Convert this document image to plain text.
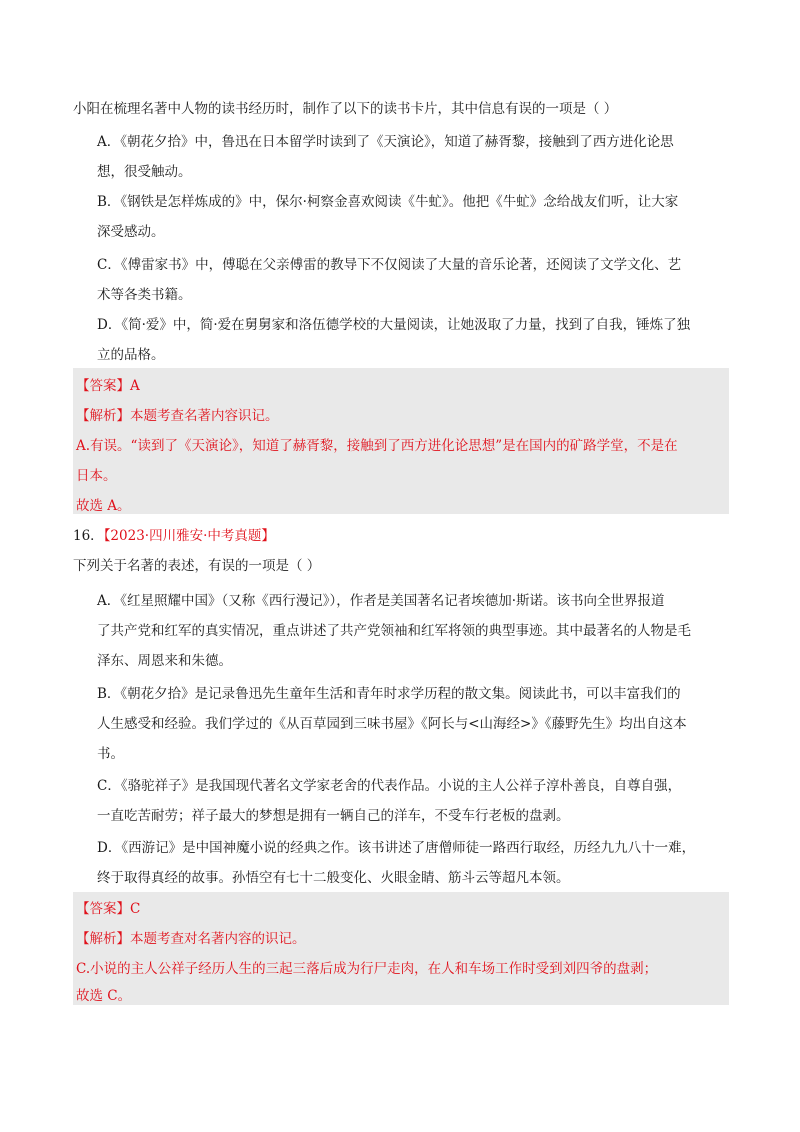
小阳在梳理名著中人物的读书经历时，制作了以下的读书卡片，其中信息有误的一项是（ ）
A．《朝花夕拾》中，鲁迅在日本留学时读到了《天演论》，知道了赫胥黎，接触到了西方进化论思
想，很受触动。
B．《钢铁是怎样炼成的》中，保尔·柯察金喜欢阅读《牛虻》。他把《牛虻》念给战友们听，让大家
深受感动。
C．《傅雷家书》中，傅聪在父亲傅雷的教导下不仅阅读了大量的音乐论著，还阅读了文学文化、艺
术等各类书籍。
D．《简·爱》中，简·爱在舅舅家和洛伍德学校的大量阅读，让她汲取了力量，找到了自我，锤炼了独
立的品格。
【答案】A
【解析】本题考查名著内容识记。
A.有误。“读到了《天演论》，知道了赫胥黎，接触到了西方进化论思想”是在国内的矿路学堂，不是在
日本。
故选 A。
16．【2023·四川雅安·中考真题】
下列关于名著的表述，有误的一项是（ ）
A．《红星照耀中国》（又称《西行漫记》），作者是美国著名记者埃德加·斯诺。该书向全世界报道
了共产党和红军的真实情况，重点讲述了共产党领袖和红军将领的典型事迹。其中最著名的人物是毛
泽东、周恩来和朱德。
B．《朝花夕拾》是记录鲁迅先生童年生活和青年时求学历程的散文集。阅读此书，可以丰富我们的
人生感受和经验。我们学过的《从百草园到三味书屋》《阿长与<山海经>》《藤野先生》均出自这本
书。
C．《骆驼祥子》是我国现代著名文学家老舍的代表作品。小说的主人公祥子淳朴善良，自尊自强，
一直吃苦耐劳；祥子最大的梦想是拥有一辆自己的洋车，不受车行老板的盘剥。
D．《西游记》是中国神魔小说的经典之作。该书讲述了唐僧师徒一路西行取经，历经九九八十一难，
终于取得真经的故事。孙悟空有七十二般变化、火眼金睛、筋斗云等超凡本领。
【答案】C
【解析】本题考查对名著内容的识记。
C.小说的主人公祥子经历人生的三起三落后成为行尸走肉，在人和车场工作时受到刘四爷的盘剥；
故选 C。
